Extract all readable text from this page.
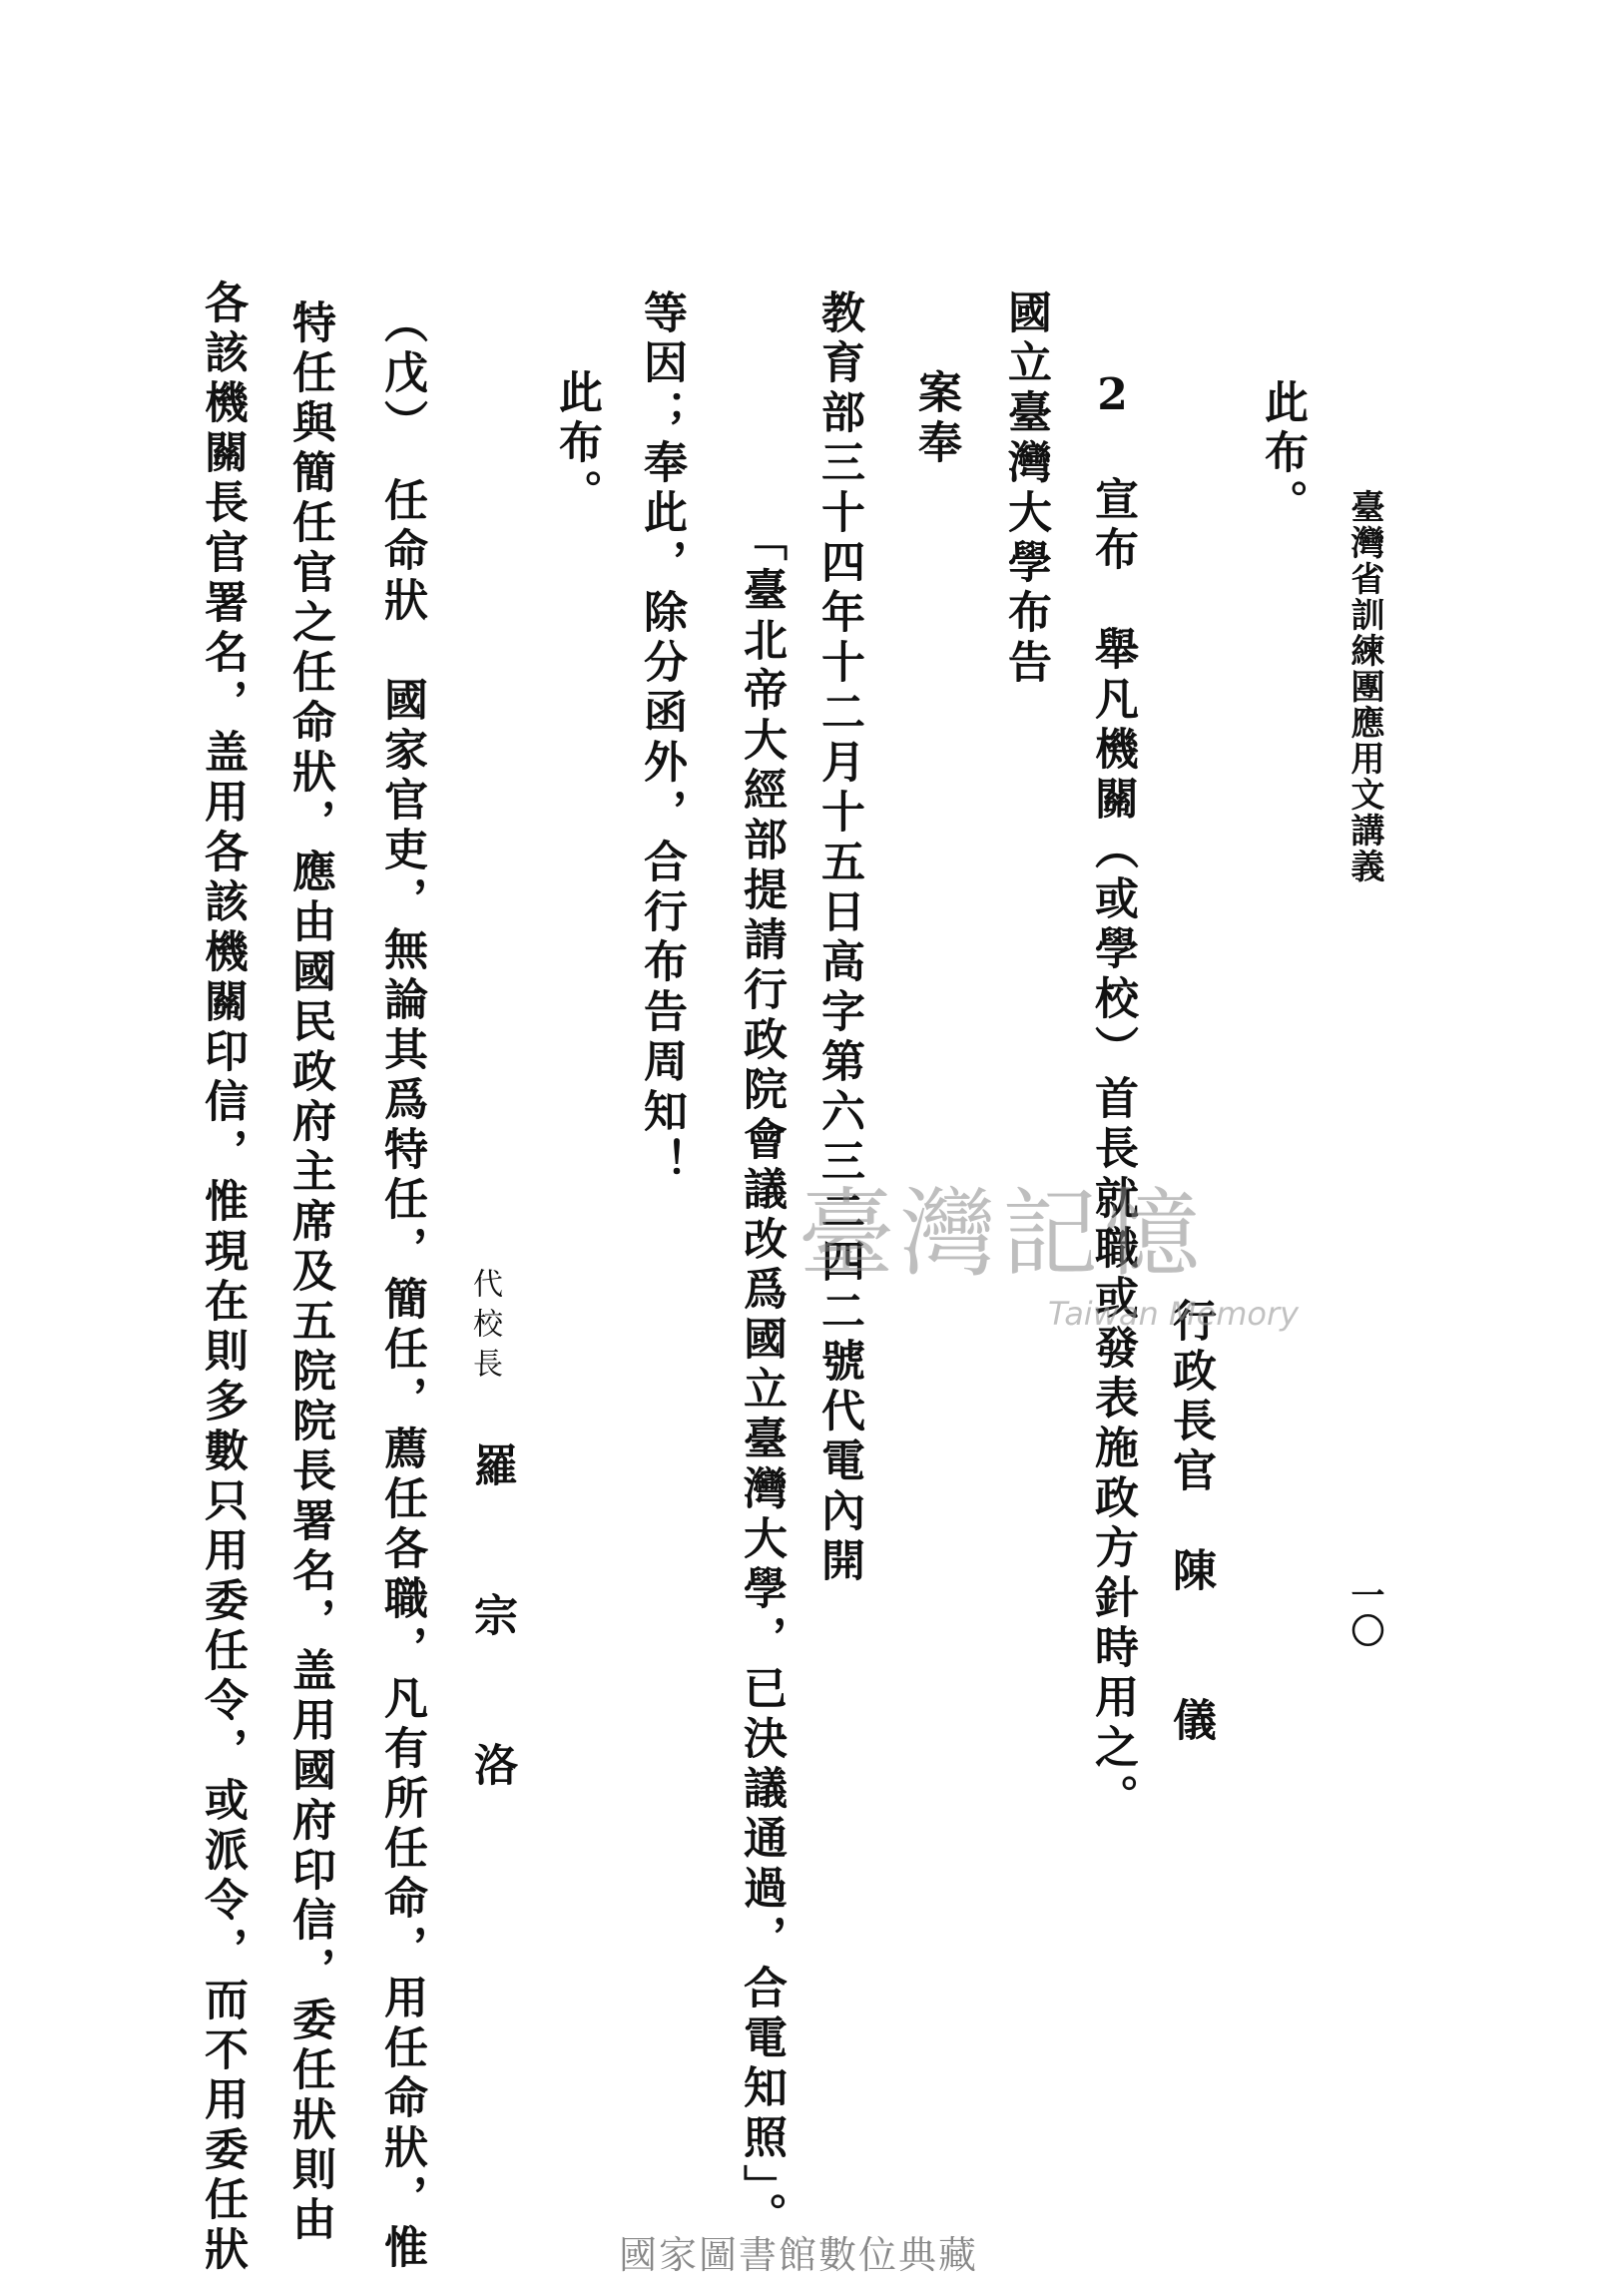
臺灣省訓練團應用文講義
一〇
此布。
2　宣布　舉凡機關（或學校）首長就職或發表施政方針時用之。 行政長官　陳　　儀
國立臺灣大學布告
案奉
教育部三十四年十二月十五日高字第六三二四二號代電內開
「臺北帝大經部提請行政院會議改爲國立臺灣大學，已決議通過，合電知照」。
等因；奉此，除分函外，合行布告周知！
此布。
代校長
羅　　宗　　洛
（戊）　任命狀　國家官吏，無論其爲特任，簡任，薦任各職，凡有所任命，用任命狀，惟
特任與簡任官之任命狀，應由國民政府主席及五院院長署名，盖用國府印信，委任狀則由
各該機關長官署名，盖用各該機關印信，惟現在則多數只用委任令，或派令，而不用委任狀	臺灣記憶
Taiwan Memory
國家圖書館數位典藏
